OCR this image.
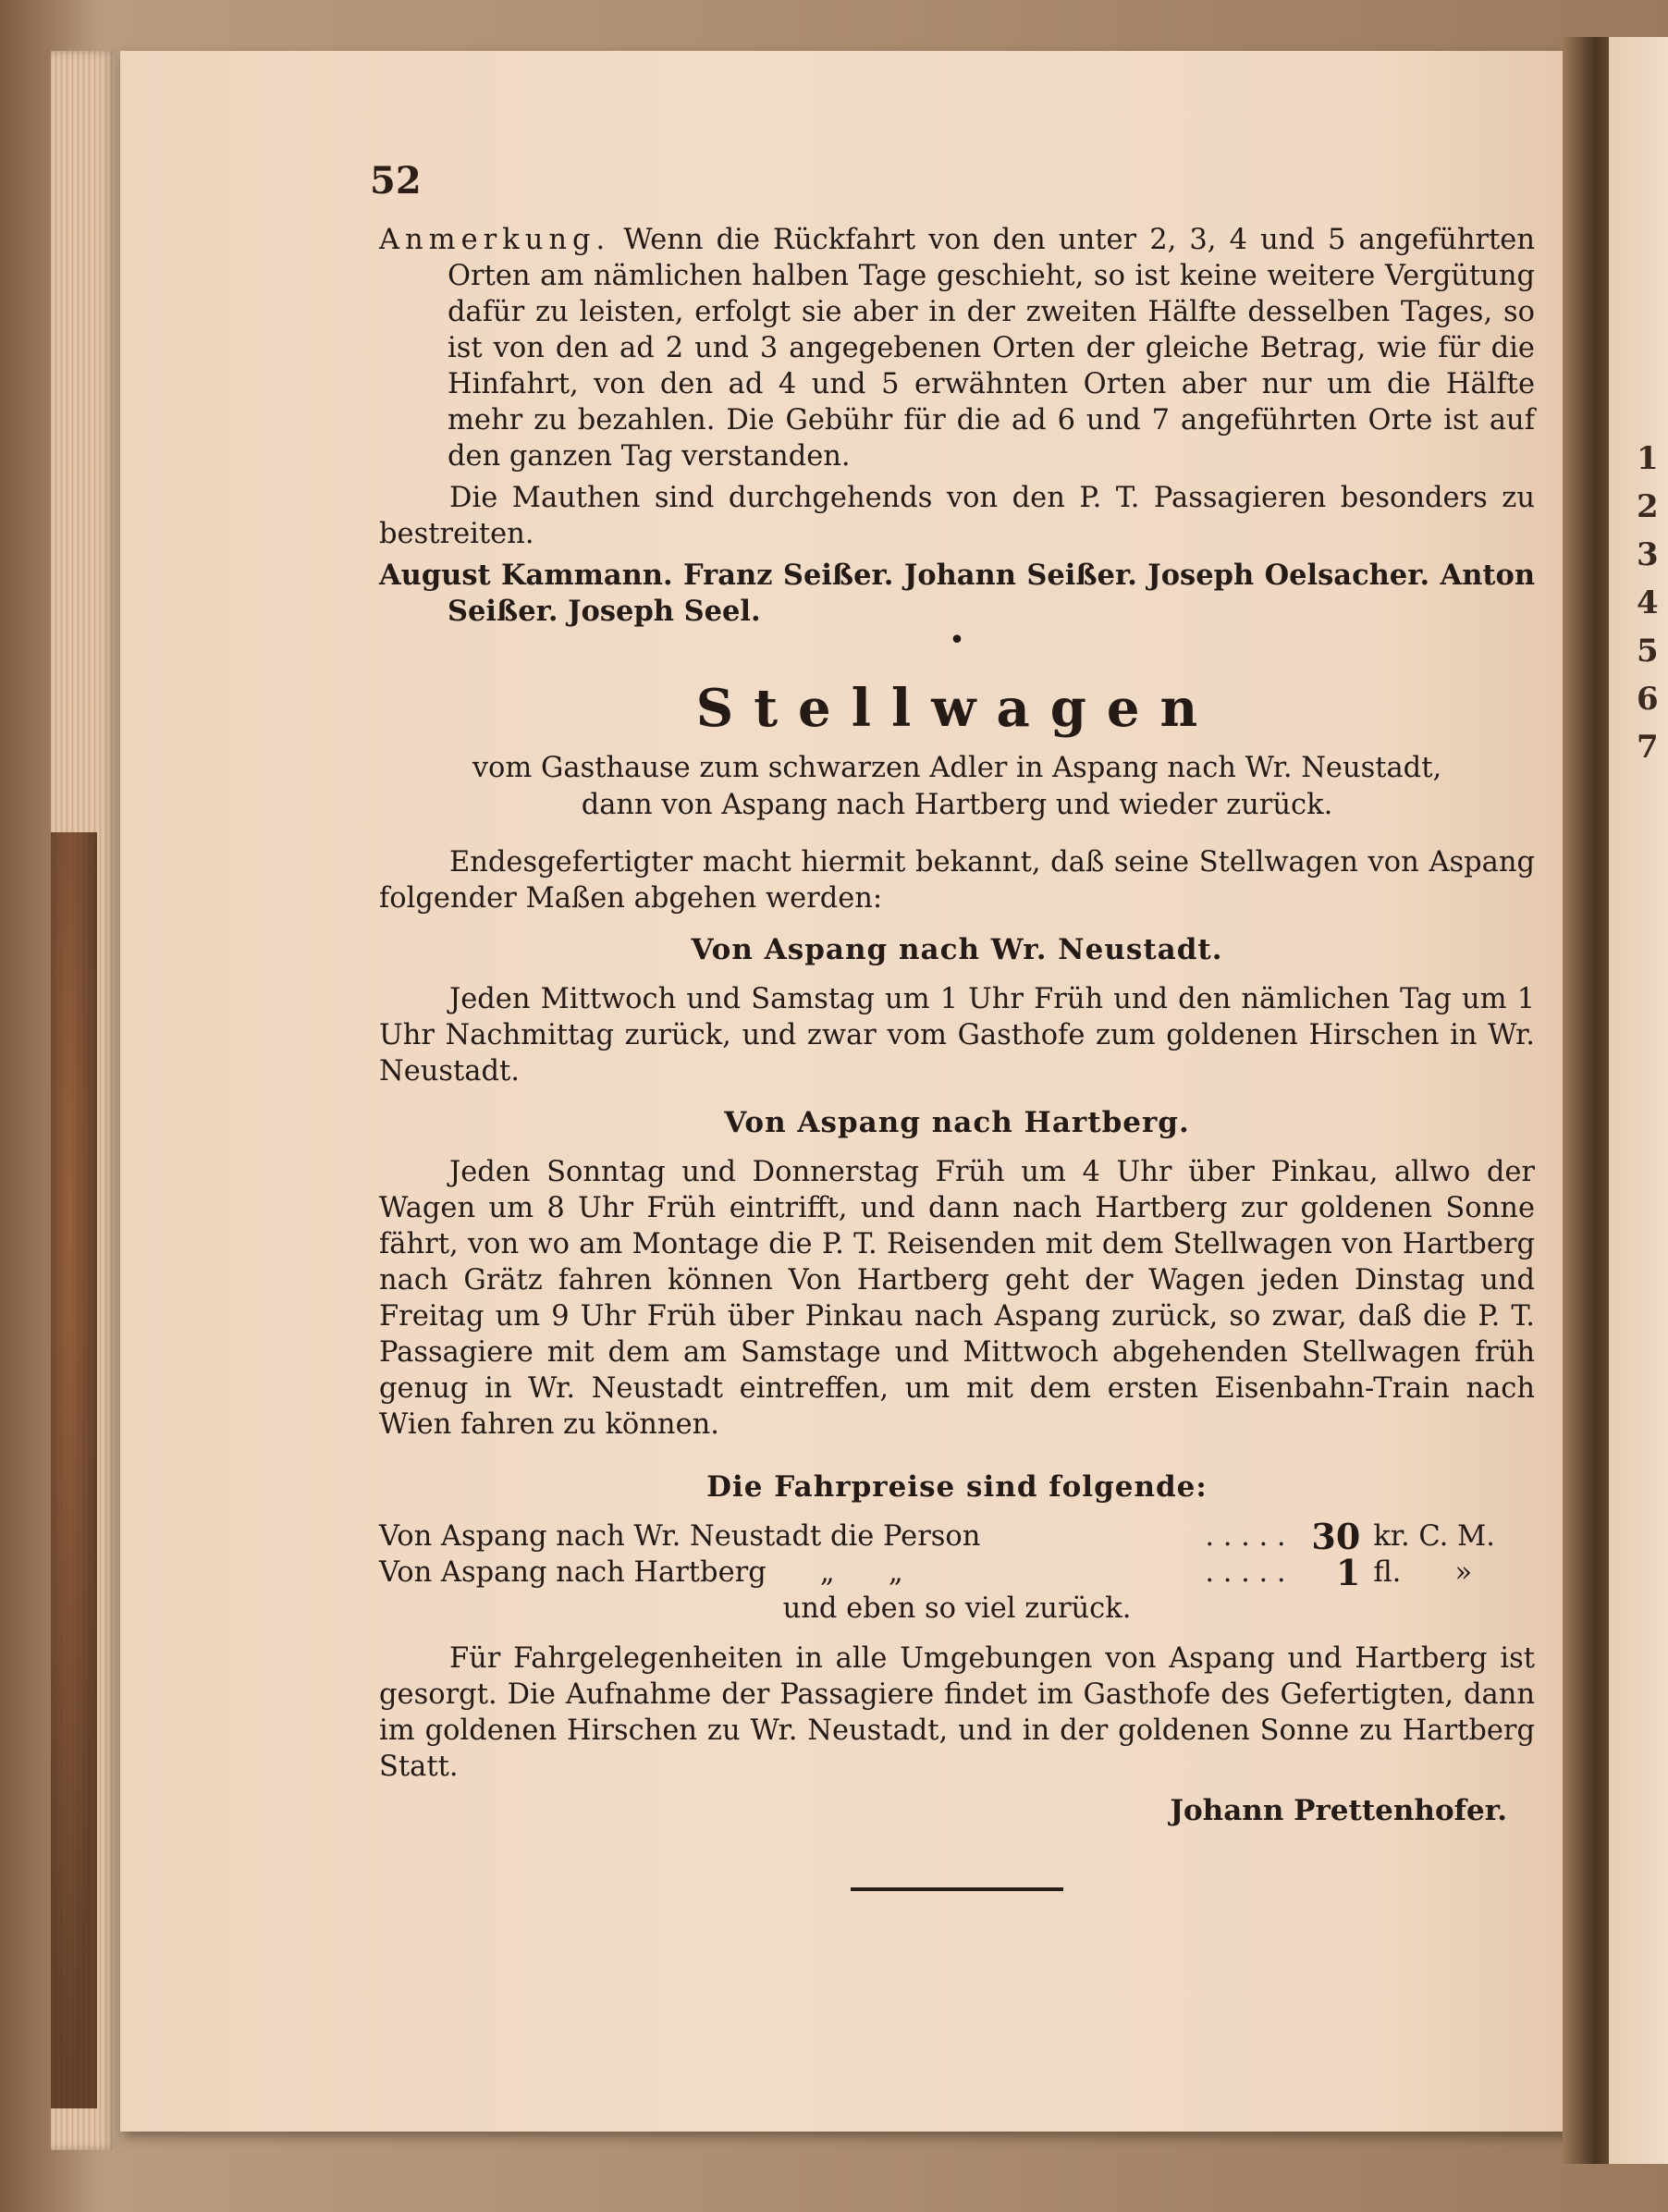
1 2 3 4 5 6 7
52

Anmerkung. Wenn die Rückfahrt von den unter 2, 3, 4 und 5 angeführten Orten am nämlichen halben Tage geschieht, so ist keine weitere Vergütung dafür zu leisten, erfolgt sie aber in der zweiten Hälfte desselben Tages, so ist von den ad 2 und 3 angegebenen Orten der gleiche Betrag, wie für die Hinfahrt, von den ad 4 und 5 erwähnten Orten aber nur um die Hälfte mehr zu bezahlen. Die Gebühr für die ad 6 und 7 angeführten Orte ist auf den ganzen Tag verstanden.

Die Mauthen sind durchgehends von den P. T. Passagieren besonders zu bestreiten.

August Kammann. Franz Seißer. Johann Seißer. Joseph Oelsacher. Anton Seißer. Joseph Seel.

•
Stellwagen

vom Gasthause zum schwarzen Adler in Aspang nach Wr. Neustadt,

dann von Aspang nach Hartberg und wieder zurück.

Endesgefertigter macht hiermit bekannt, daß seine Stellwagen von Aspang folgender Maßen abgehen werden:

Von Aspang nach Wr. Neustadt.

Jeden Mittwoch und Samstag um 1 Uhr Früh und den nämlichen Tag um 1 Uhr Nachmittag zurück, und zwar vom Gasthofe zum goldenen Hirschen in Wr. Neustadt.

Von Aspang nach Hartberg.

Jeden Sonntag und Donnerstag Früh um 4 Uhr über Pinkau, allwo der Wagen um 8 Uhr Früh eintrifft, und dann nach Hartberg zur goldenen Sonne fährt, von wo am Montage die P. T. Reisenden mit dem Stellwagen von Hartberg nach Grätz fahren können Von Hartberg geht der Wagen jeden Dinstag und Freitag um 9 Uhr Früh über Pinkau nach Aspang zurück, so zwar, daß die P. T. Passagiere mit dem am Samstage und Mittwoch abgehenden Stellwagen früh genug in Wr. Neustadt eintreffen, um mit dem ersten Eisenbahn-Train nach Wien fahren zu können.

Die Fahrpreise sind folgende:
Von Aspang nach Wr. Neustadt die Person	. . . . .	30	kr. C. M.
Von Aspang nach Hartberg      „      „	. . . . .	1	fl.      »

und eben so viel zurück.

Für Fahrgelegenheiten in alle Umgebungen von Aspang und Hartberg ist gesorgt. Die Aufnahme der Passagiere findet im Gasthofe des Gefertigten, dann im goldenen Hirschen zu Wr. Neustadt, und in der goldenen Sonne zu Hartberg Statt.

Johann Prettenhofer.
